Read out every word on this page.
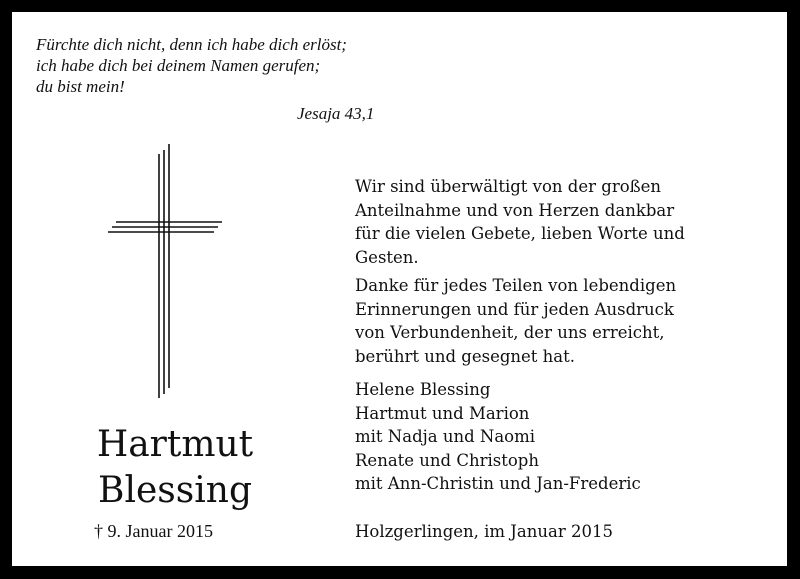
Fürchte dich nicht, denn ich habe dich erlöst;
ich habe dich bei deinem Namen gerufen;
du bist mein!
Jesaja 43,1
Hartmut
Blessing
† 9. Januar 2015
Wir sind überwältigt von der großen
Anteilnahme und von Herzen dankbar
für die vielen Gebete, lieben Worte und
Gesten.
Danke für jedes Teilen von lebendigen
Erinnerungen und für jeden Ausdruck
von Verbundenheit, der uns erreicht,
berührt und gesegnet hat.
Helene Blessing
Hartmut und Marion
mit Nadja und Naomi
Renate und Christoph
mit Ann-Christin und Jan-Frederic
Holzgerlingen, im Januar 2015
